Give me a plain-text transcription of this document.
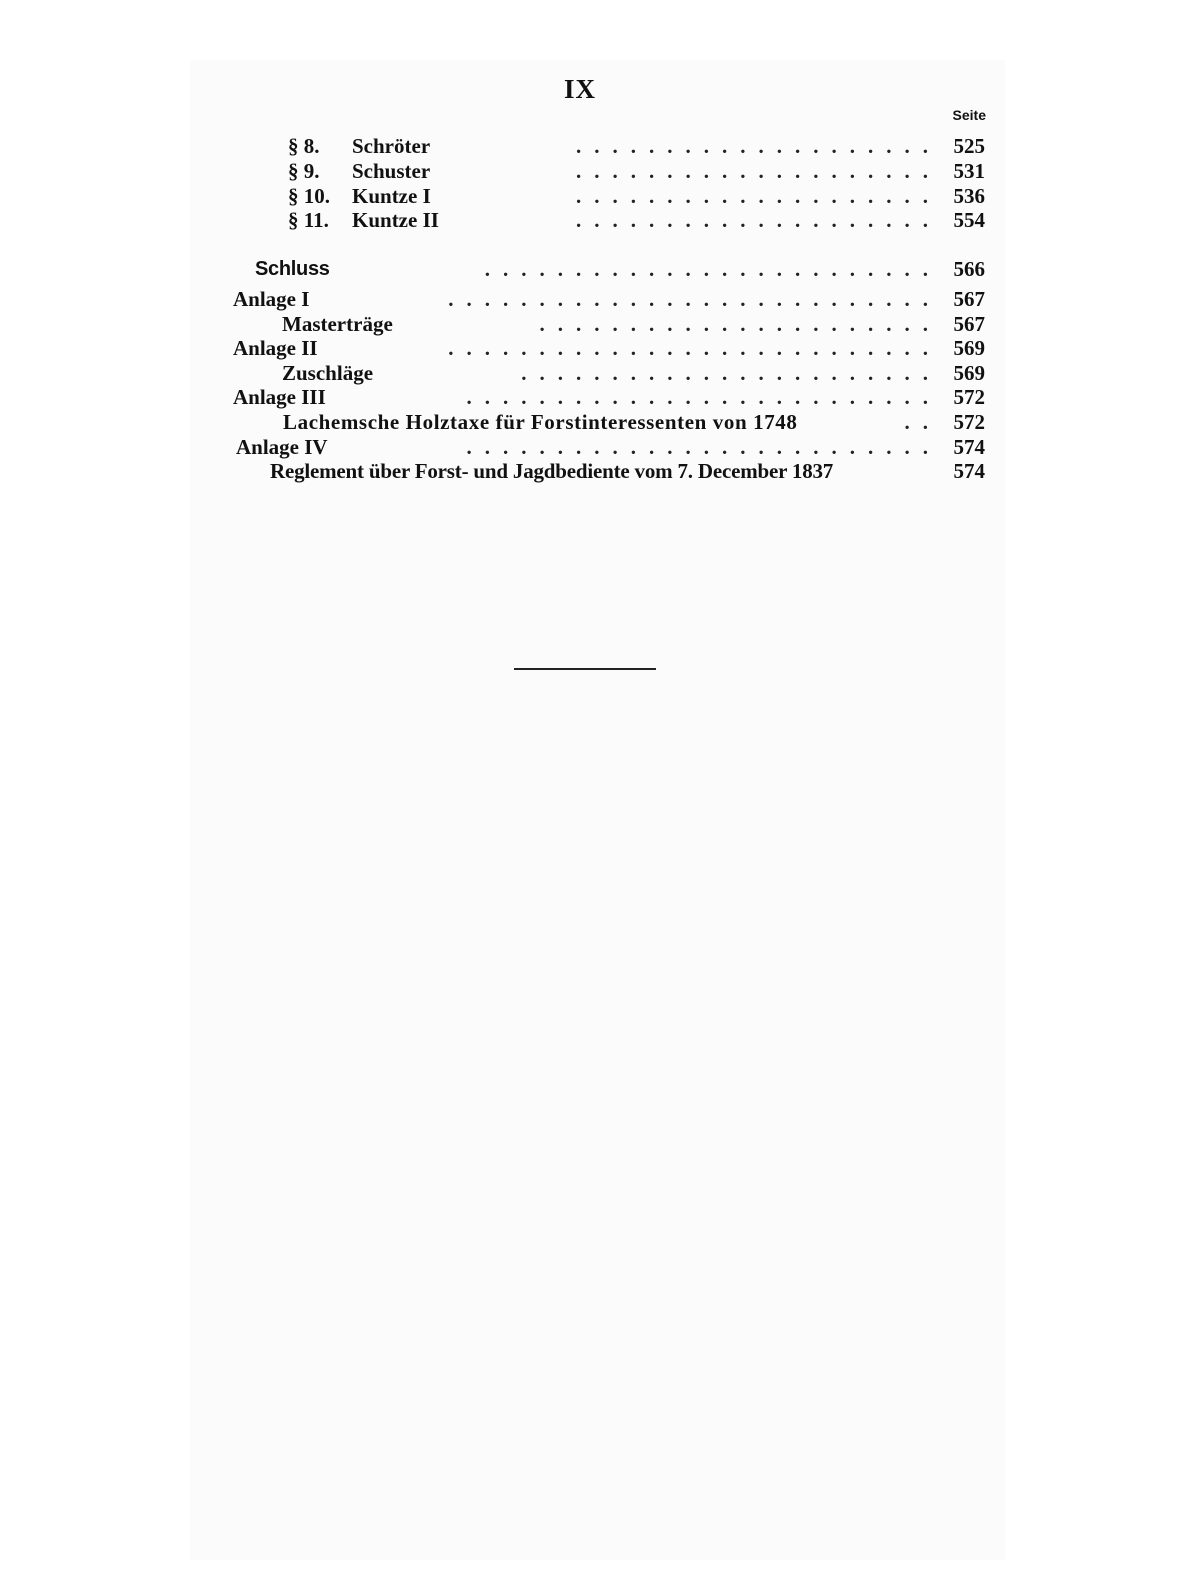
IX
Seite
§ 8.	Schröter	.................... 525
§ 9.	Schuster	.................... 531
§ 10.	Kuntze I	.................... 536
§ 11.	Kuntze II	.................... 554
Schluss	......................... 566
Anlage I	........................... 567
Masterträge	...................... 567
Anlage II	........................... 569
Zuschläge	....................... 569
Anlage III	.......................... 572
Lachemsche Holztaxe für Forstinteressenten von 1748	.. 572
Anlage IV	.......................... 574
Reglement über Forst- und Jagdbediente vom 7. December 1837	574
